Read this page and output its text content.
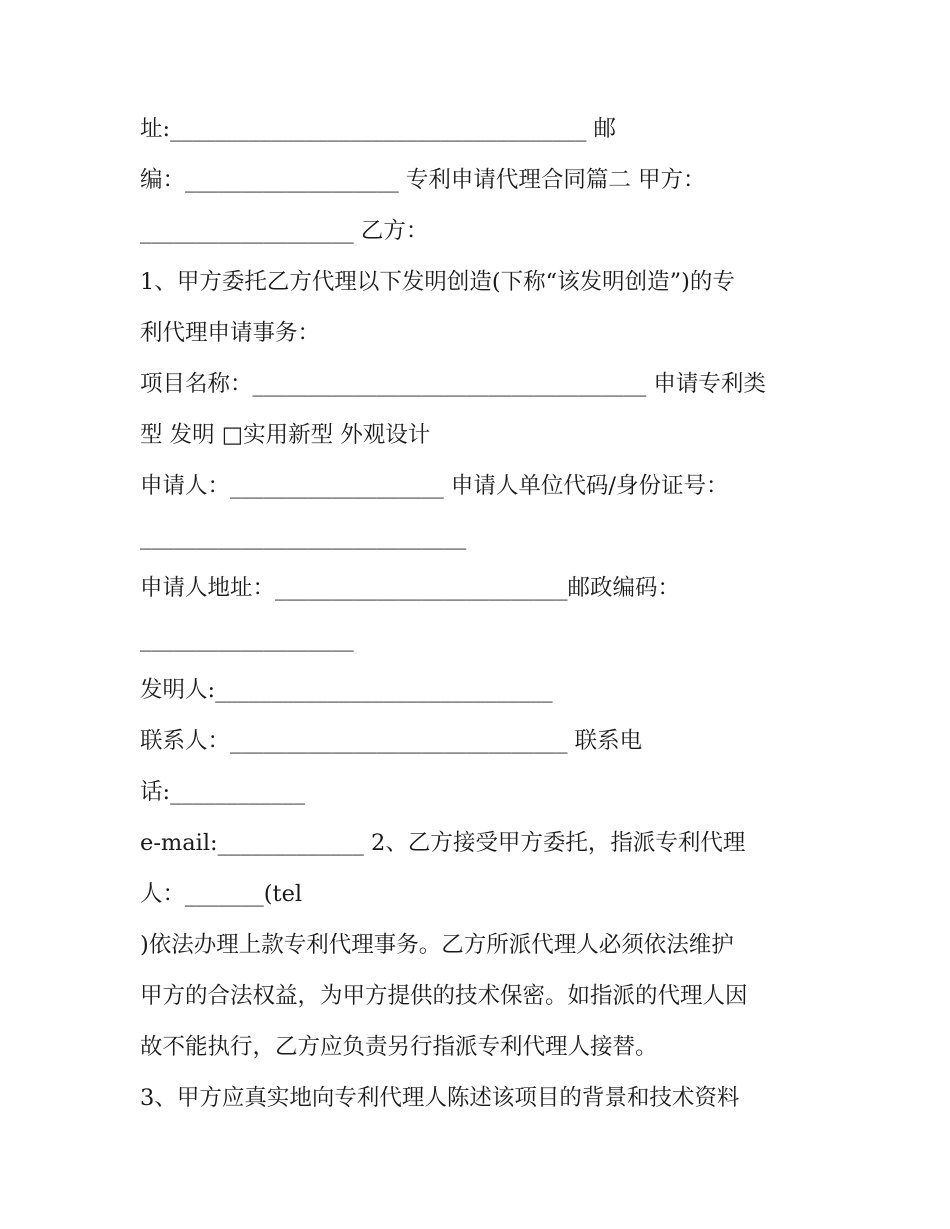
址:_____________________________________ 邮
编：___________________ 专利申请代理合同篇二 甲方：
___________________ 乙方：
1、甲方委托乙方代理以下发明创造(下称“该发明创造”)的专
利代理申请事务：
项目名称：___________________________________ 申请专利类
型 发明 □实用新型 外观设计
申请人：___________________ 申请人单位代码/身份证号：
_____________________________
申请人地址：__________________________邮政编码：
___________________
发明人:______________________________
联系人：______________________________ 联系电
话:____________
e-mail:_____________ 2、乙方接受甲方委托，指派专利代理
人：_______(tel
)依法办理上款专利代理事务。乙方所派代理人必须依法维护
甲方的合法权益，为甲方提供的技术保密。如指派的代理人因
故不能执行，乙方应负责另行指派专利代理人接替。
3、甲方应真实地向专利代理人陈述该项目的背景和技术资料
